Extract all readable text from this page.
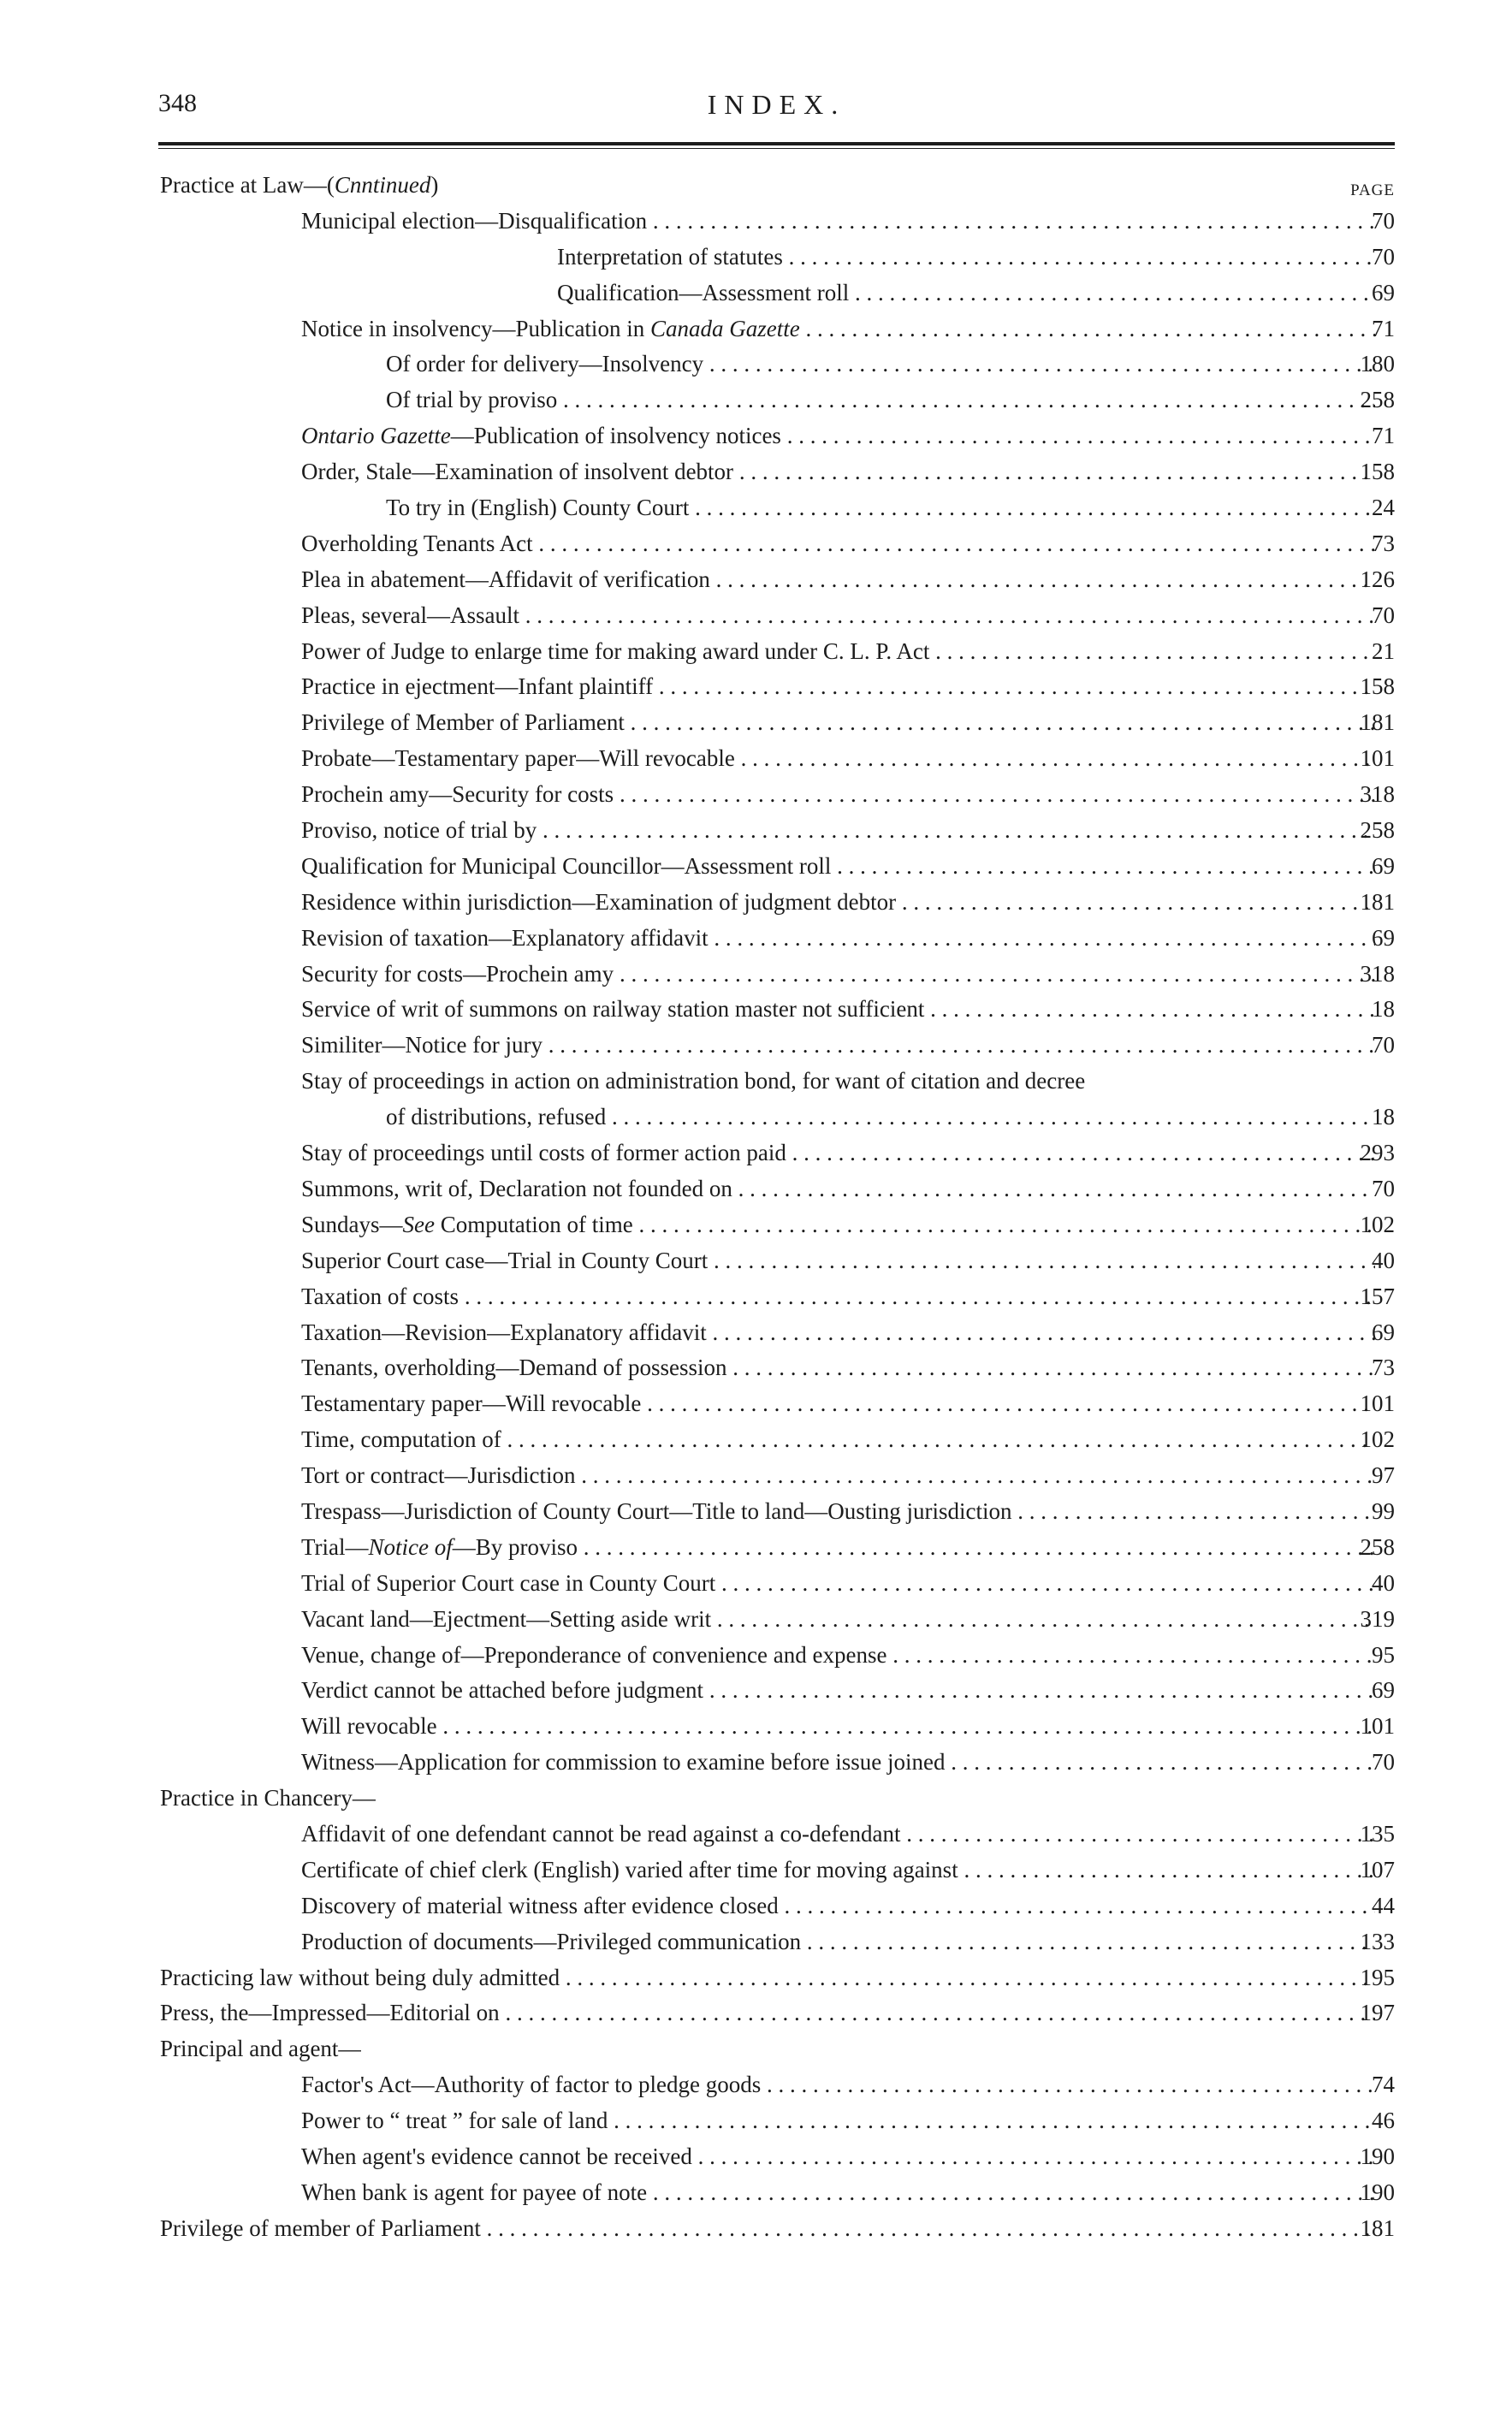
348	INDEX.
PAGE
Practice at Law—(Cnntinued)
Municipal election—Disqualification . . .	70
Interpretation of statutes . . .	70
Qualification—Assessment roll . . .	69
Notice in insolvency—Publication in Canada Gazette . . .	71
Of order for delivery—Insolvency . . .	180
Of trial by proviso . . .	258
Ontario Gazette—Publication of insolvency notices . . .	71
Order, Stale—Examination of insolvent debtor . . .	158
To try in (English) County Court . . .	24
Overholding Tenants Act . . .	73
Plea in abatement—Affidavit of verification . . .	126
Pleas, several—Assault . . .	70
Power of Judge to enlarge time for making award under C. L. P. Act . . .	21
Practice in ejectment—Infant plaintiff . . .	158
Privilege of Member of Parliament . . .	181
Probate—Testamentary paper—Will revocable . . .	101
Prochein amy—Security for costs . . .	318
Proviso, notice of trial by . . .	258
Qualification for Municipal Councillor—Assessment roll . . .	69
Residence within jurisdiction—Examination of judgment debtor . . .	181
Revision of taxation—Explanatory affidavit . . .	69
Security for costs—Prochein amy . . .	318
Service of writ of summons on railway station master not sufficient . . .	18
Similiter—Notice for jury . . .	70
Stay of proceedings in action on administration bond, for want of citation and decree
of distributions, refused . . .	18
Stay of proceedings until costs of former action paid . . .	293
Summons, writ of, Declaration not founded on . . .	70
Sundays—See Computation of time . . .	102
Superior Court case—Trial in County Court . . .	40
Taxation of costs . . .	157
Taxation—Revision—Explanatory affidavit . . .	69
Tenants, overholding—Demand of possession . . .	73
Testamentary paper—Will revocable . . .	101
Time, computation of . . .	102
Tort or contract—Jurisdiction . . .	97
Trespass—Jurisdiction of County Court—Title to land—Ousting jurisdiction . . .	99
Trial—Notice of—By proviso . . .	258
Trial of Superior Court case in County Court . . .	40
Vacant land—Ejectment—Setting aside writ . . .	319
Venue, change of—Preponderance of convenience and expense . . .	95
Verdict cannot be attached before judgment . . .	69
Will revocable . . .	101
Witness—Application for commission to examine before issue joined . . .	70
Practice in Chancery—
Affidavit of one defendant cannot be read against a co-defendant . . .	135
Certificate of chief clerk (English) varied after time for moving against . . .	107
Discovery of material witness after evidence closed . . .	44
Production of documents—Privileged communication . . .	133
Practicing law without being duly admitted . . .	195
Press, the—Impressed—Editorial on . . .	197
Principal and agent—
Factor's Act—Authority of factor to pledge goods . . .	74
Power to “ treat ” for sale of land . . .	46
When agent's evidence cannot be received . . .	190
When bank is agent for payee of note . . .	190
Privilege of member of Parliament . . .	181
